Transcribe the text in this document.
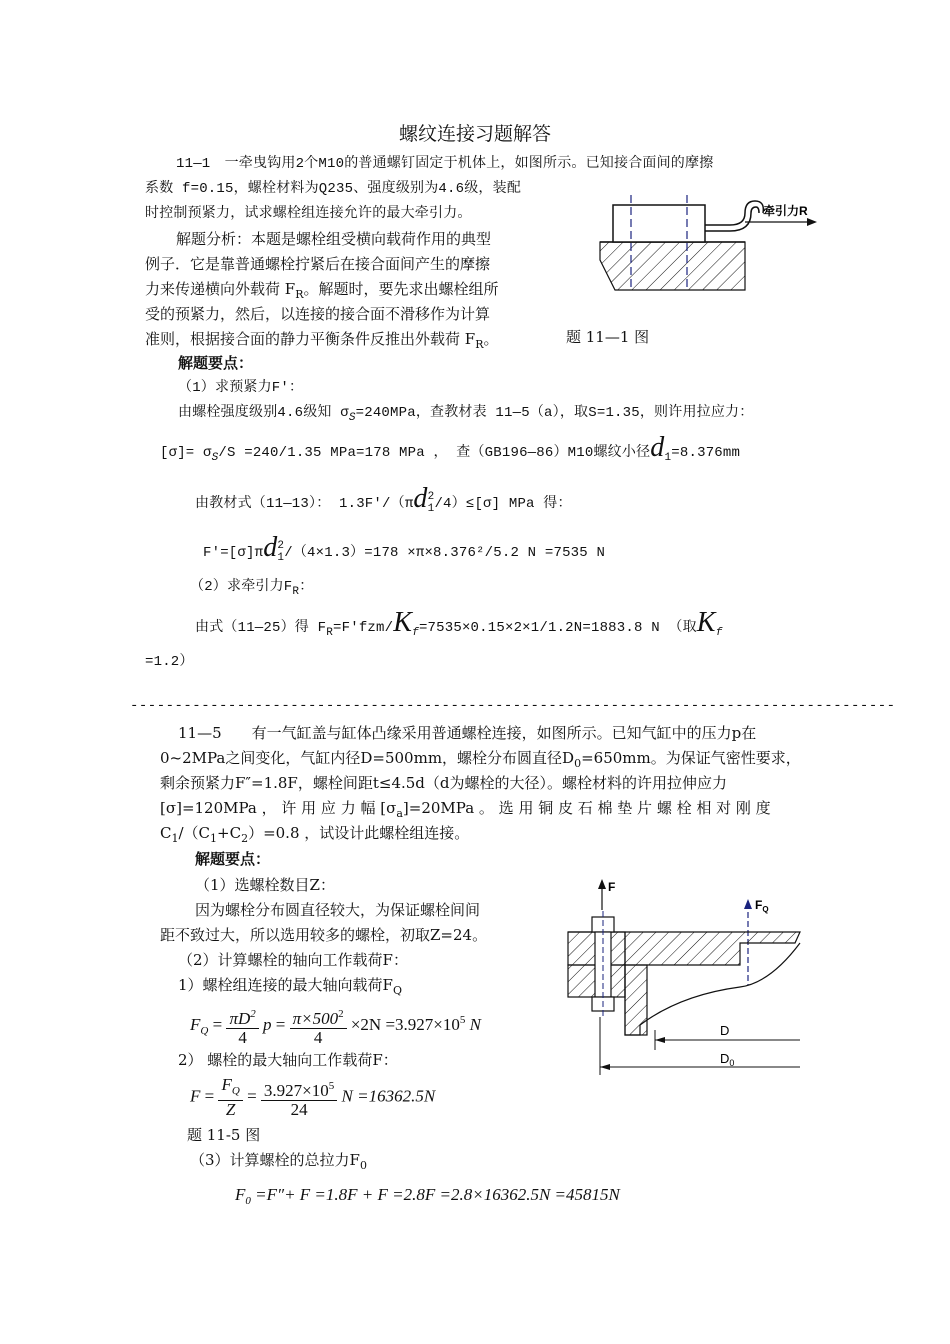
螺纹连接习题解答
11—1　一牵曳钩用2个M10的普通螺钉固定于机体上，如图所示。已知接合面间的摩擦
系数 f=0.15，螺栓材料为Q235、强度级别为4.6级，装配
时控制预紧力，试求螺栓组连接允许的最大牵引力。
解题分析：本题是螺栓组受横向载荷作用的典型
例子．它是靠普通螺栓拧紧后在接合面间产生的摩擦
力来传递横向外载荷 $F_R$。解题时，要先求出螺栓组所
受的预紧力，然后，以连接的接合面不滑移作为计算
准则，根据接合面的静力平衡条件反推出外载荷 $F_R$。
牵引力R
题 11—1 图
解题要点：
（1）求预紧力F′：
由螺栓强度级别4.6级知 $\sigma_S=240MPa$，查教材表 11—5（a），取S=1.35，则许用拉应力：
$[\sigma]= \sigma_S/S =240/1.35$ MPa=178 MPa ， 查（GB196—86）M10螺纹小径$d_1=8.376mm$
由教材式（11—13）： 1.3F′/（πd 2
1 /4）≤[σ] MPa 得：
F′=[σ]πd 2
1 /（4×1.3）=178 ×π×8.376²/5.2 N =7535 N
（2）求牵引力$F_R$：
由式（11—25）得 $F_R=F'fzm/K_f=7535\times 0.15\times 2\times 1/1.2N=1883.8$ N （取$K_f$
=1.2）
--------------------------------------------------------------------------------------
11—5　　有一气缸盖与缸体凸缘采用普通螺栓连接，如图所示。已知气缸中的压力p在
0~2MPa之间变化，气缸内径D=500mm，螺栓分布圆直径$D_0=650mm$。为保证气密性要求，
剩余预紧力F″=1.8F，螺栓间距t≤4.5d（d为螺栓的大径）。螺栓材料的许用拉伸应力
[σ]=120MPa ， 许 用 应 力 幅 $[\sigma_a]=20MPa$ 。 选 用 铜 皮 石 棉 垫 片 螺 栓 相 对 刚 度
$C_1/(C_1+C_2)=0.8$ ，试设计此螺栓组连接。
解题要点：
（1）选螺栓数目Z：
因为螺栓分布圆直径较大，为保证螺栓间间
距不致过大，所以选用较多的螺栓，初取Z=24。
（2）计算螺栓的轴向工作载荷F：
1）螺栓组连接的最大轴向载荷$F_Q$
$F_Q = \frac{\pi D^2}{4}$ $p = \frac{\pi\times 500^2}{4} \times 2N =3.927\times 10^5$ N
2） 螺栓的最大轴向工作载荷F：
$F = \frac{F_Q}{Z} = \frac{3.927\times 10^5}{24}$ N =16362.5N
题 11-5 图
（3）计算螺栓的总拉力$F_0$
$F_0 =F''+ F =1.8F + F =2.8F =2.8\times 16362.5N =45815N$
F
$F_Q$
D
$D_0$
